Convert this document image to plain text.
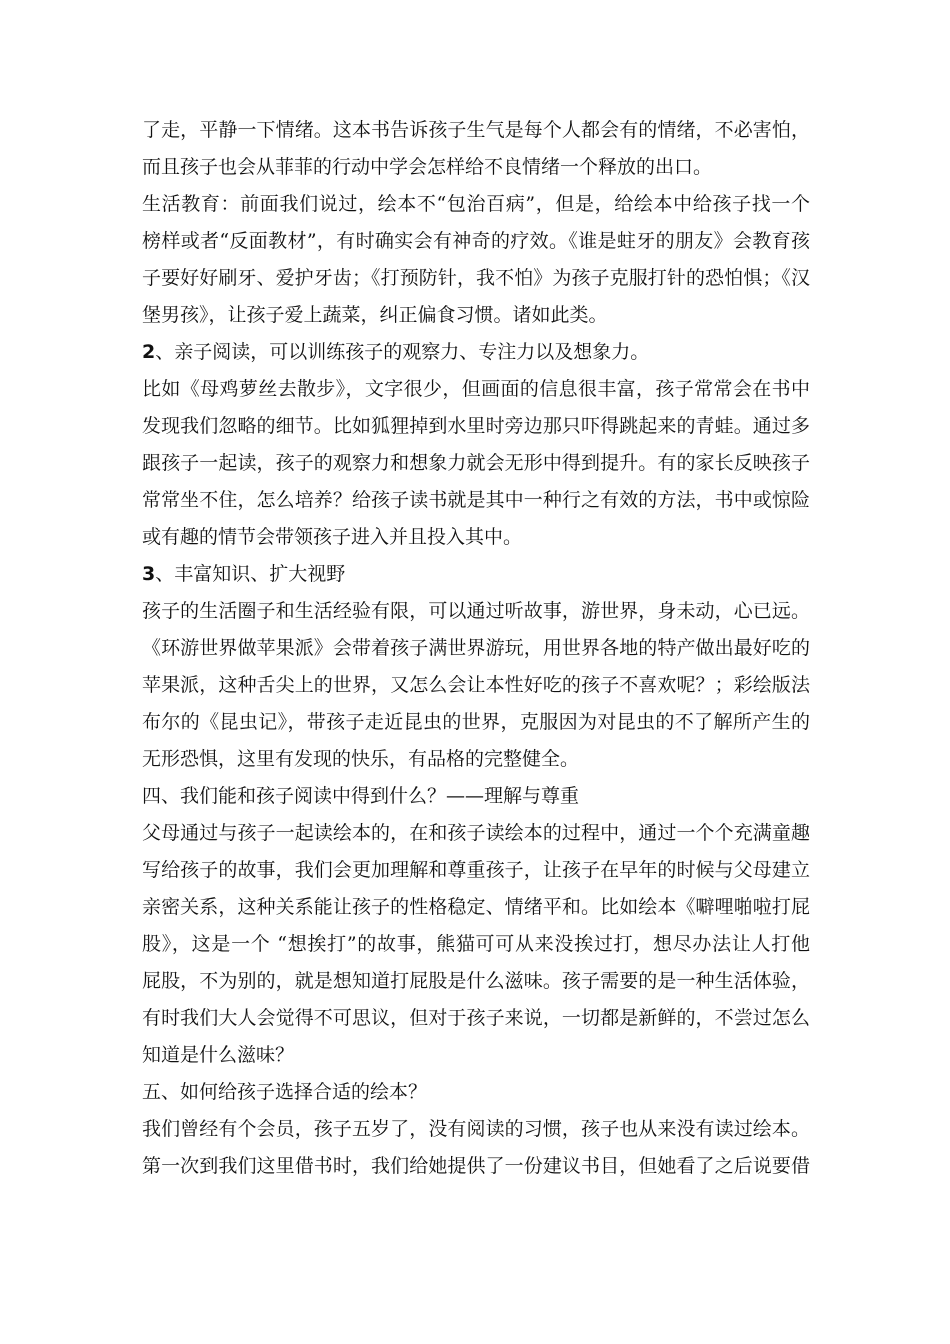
了走，平静一下情绪。这本书告诉孩子生气是每个人都会有的情绪，不必害怕，
而且孩子也会从菲菲的行动中学会怎样给不良情绪一个释放的出口。
生活教育：前面我们说过，绘本不“包治百病”，但是，给绘本中给孩子找一个
榜样或者“反面教材”，有时确实会有神奇的疗效。《谁是蛀牙的朋友》会教育孩
子要好好刷牙、爱护牙齿；《打预防针，我不怕》为孩子克服打针的恐怕惧；《汉
堡男孩》，让孩子爱上蔬菜，纠正偏食习惯。诸如此类。
2、亲子阅读，可以训练孩子的观察力、专注力以及想象力。
比如《母鸡萝丝去散步》，文字很少，但画面的信息很丰富，孩子常常会在书中
发现我们忽略的细节。比如狐狸掉到水里时旁边那只吓得跳起来的青蛙。通过多
跟孩子一起读，孩子的观察力和想象力就会无形中得到提升。有的家长反映孩子
常常坐不住，怎么培养？给孩子读书就是其中一种行之有效的方法，书中或惊险
或有趣的情节会带领孩子进入并且投入其中。
3、丰富知识、扩大视野
孩子的生活圈子和生活经验有限，可以通过听故事，游世界，身未动，心已远。
《环游世界做苹果派》会带着孩子满世界游玩，用世界各地的特产做出最好吃的
苹果派，这种舌尖上的世界，又怎么会让本性好吃的孩子不喜欢呢？；彩绘版法
布尔的《昆虫记》，带孩子走近昆虫的世界，克服因为对昆虫的不了解所产生的
无形恐惧，这里有发现的快乐，有品格的完整健全。
四、我们能和孩子阅读中得到什么？——理解与尊重
父母通过与孩子一起读绘本的，在和孩子读绘本的过程中，通过一个个充满童趣
写给孩子的故事，我们会更加理解和尊重孩子，让孩子在早年的时候与父母建立
亲密关系，这种关系能让孩子的性格稳定、情绪平和。比如绘本《噼哩啪啦打屁
股》，这是一个 “想挨打”的故事，熊猫可可从来没挨过打，想尽办法让人打他
屁股，不为别的，就是想知道打屁股是什么滋味。孩子需要的是一种生活体验，
有时我们大人会觉得不可思议，但对于孩子来说，一切都是新鲜的，不尝过怎么
知道是什么滋味？
五、如何给孩子选择合适的绘本？
我们曾经有个会员，孩子五岁了，没有阅读的习惯，孩子也从来没有读过绘本。
第一次到我们这里借书时，我们给她提供了一份建议书目，但她看了之后说要借
